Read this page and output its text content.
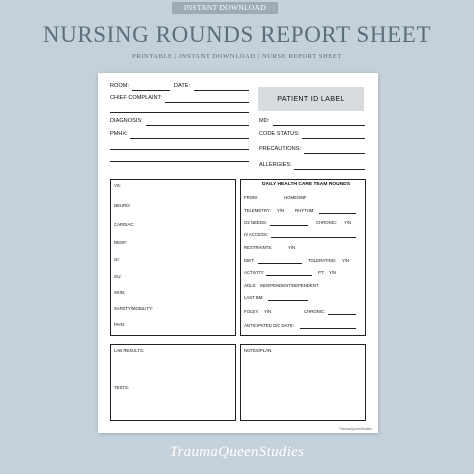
INSTANT DOWNLOAD
NURSING ROUNDS REPORT SHEET
PRINTABLE | INSTANT DOWNLOAD | NURSE REPORT SHEET
ROOM:	DATE:
CHIEF COMPLAINT:
DIAGNOSIS:
PMHX:
PATIENT ID LABEL
MD:
CODE STATUS:
PRECAUTIONS:
ALLERGIES:
VS:
NEURO:
CARDIAC:
RESP:
GI:
GU:
SKIN:
SAFETY/MOBILITY:
PAIN:
DAILY HEALTH CARE TEAM ROUNDS
FROM:	HOME/SNF
TELEMETRY: Y/N	RHYTHM:
O2 NEEDS:	CHRONIC: Y/N
IV ACCESS:
RESTRAINTS:	Y/N
DIET:	TOLERATING: Y/N
ACTIVITY:	PT: Y/N
ADLS: INDEPENDENT/DEPENDENT
LAST BM:
FOLEY: Y/N	CHRONIC:
ANTICIPATED D/C DATE:
LAB RESULTS:
TESTS:
NOTES/PLAN:
TraumaQueenStudies
TraumaQueenStudies
